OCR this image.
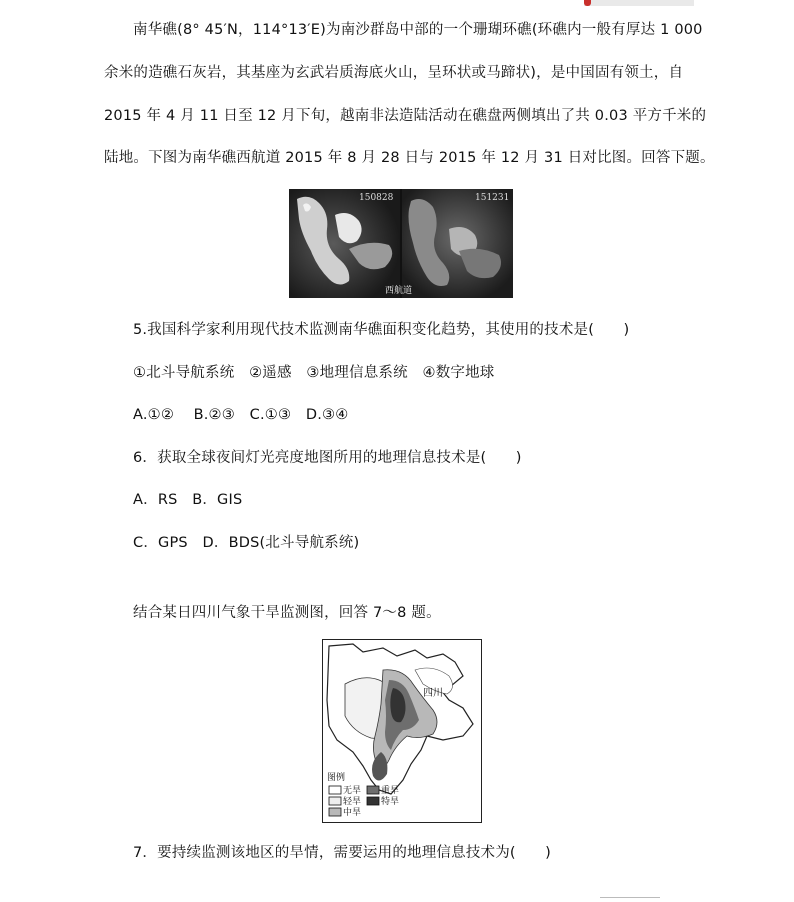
南华礁(8° 45′N，114°13′E)为南沙群岛中部的一个珊瑚环礁(环礁内一般有厚达 1 000
余米的造礁石灰岩，其基座为玄武岩质海底火山，呈环状或马蹄状)，是中国固有领土，自
2015 年 4 月 11 日至 12 月下旬，越南非法造陆活动在礁盘两侧填出了共 0.03 平方千米的
陆地。下图为南华礁西航道 2015 年 8 月 28 日与 2015 年 12 月 31 日对比图。回答下题。
150828	151231
西航道
5.我国科学家利用现代技术监测南华礁面积变化趋势，其使用的技术是(　　)
①北斗导航系统　②遥感　③地理信息系统　④数字地球
A.①②　 B.②③　C.①③　D.③④
6．获取全球夜间灯光亮度地图所用的地理信息技术是(　　)
A．RS　B．GIS
C．GPS　D．BDS(北斗导航系统)
结合某日四川气象干旱监测图，回答 7～8 题。
四川
图例
无旱
轻旱
中旱
重旱
特旱
7．要持续监测该地区的旱情，需要运用的地理信息技术为(　　)
